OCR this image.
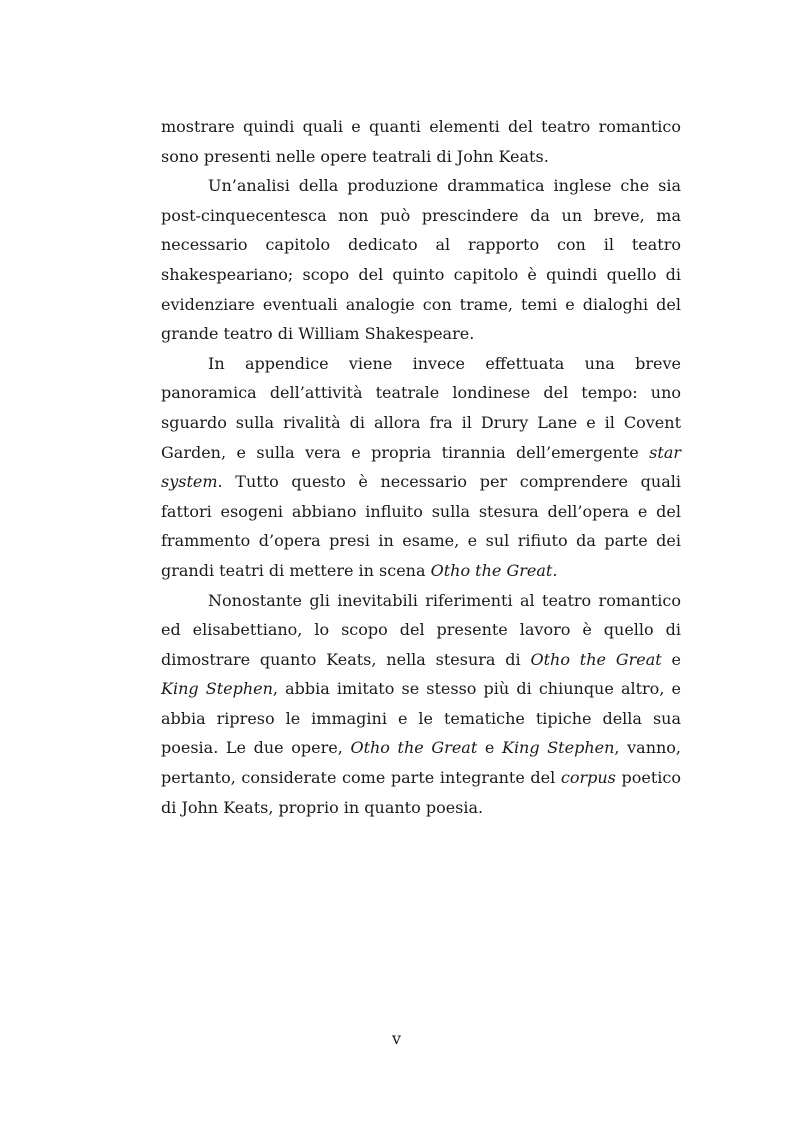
mostrare quindi quali e quanti elementi del teatro romantico sono presenti nelle opere teatrali di John Keats.

Un’analisi della produzione drammatica inglese che sia post-cinquecentesca non può prescindere da un breve, ma necessario capitolo dedicato al rapporto con il teatro shakespeariano; scopo del quinto capitolo è quindi quello di evidenziare eventuali analogie con trame, temi e dialoghi del grande teatro di William Shakespeare.

In appendice viene invece effettuata una breve panoramica dell’attività teatrale londinese del tempo: uno sguardo sulla rivalità di allora fra il Drury Lane e il Covent Garden, e sulla vera e propria tirannia dell’emergente star system. Tutto questo è necessario per comprendere quali fattori esogeni abbiano influito sulla stesura dell’opera e del frammento d’opera presi in esame, e sul rifiuto da parte dei grandi teatri di mettere in scena Otho the Great.

Nonostante gli inevitabili riferimenti al teatro romantico ed elisabettiano, lo scopo del presente lavoro è quello di dimostrare quanto Keats, nella stesura di Otho the Great e King Stephen, abbia imitato se stesso più di chiunque altro, e abbia ripreso le immagini e le tematiche tipiche della sua poesia. Le due opere, Otho the Great e King Stephen, vanno, pertanto, considerate come parte integrante del corpus poetico di John Keats, proprio in quanto poesia.

v
